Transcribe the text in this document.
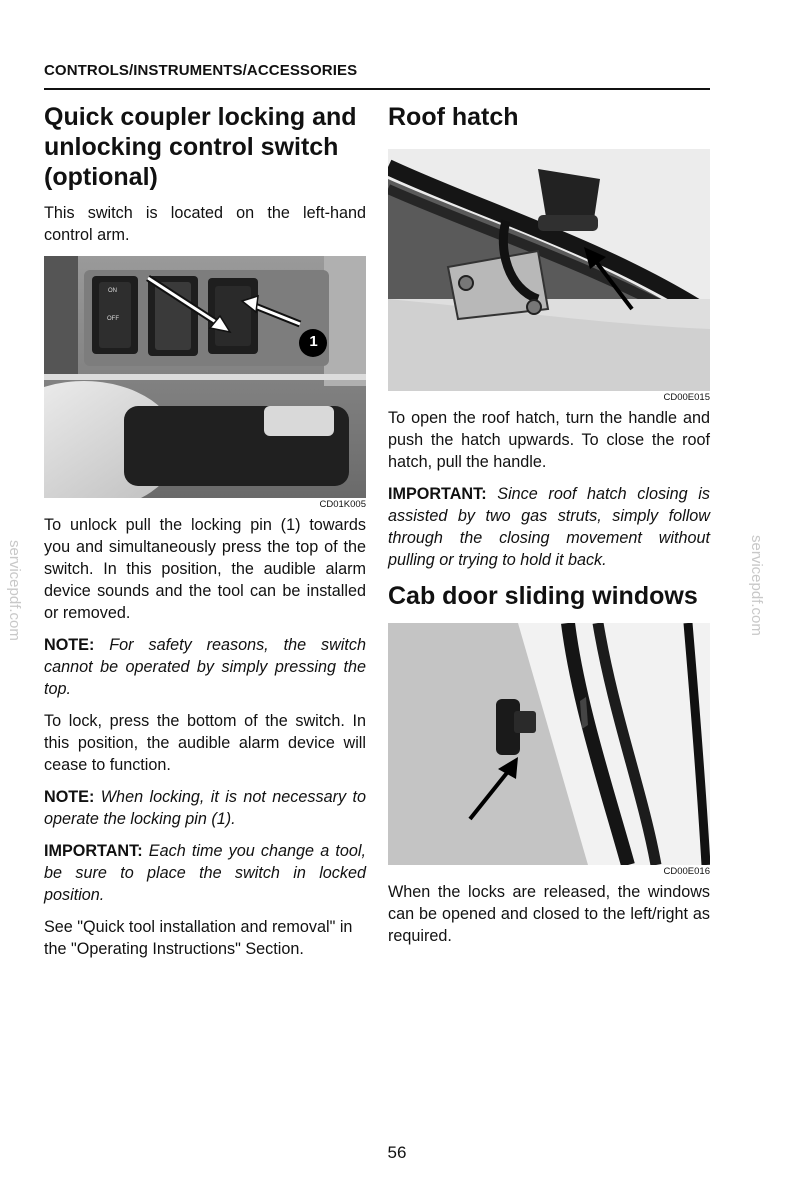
CONTROLS/INSTRUMENTS/ACCESSORIES
Quick coupler locking and
unlocking control switch
(optional)

This switch is located on the left-hand control arm.

ON
OFF
1
CD01K005

To unlock pull the locking pin (1) towards you and simultaneously press the top of the switch. In this position, the audible alarm device sounds and the tool can be installed or removed.

NOTE: For safety reasons, the switch cannot be operated by simply pressing the top.

To lock, press the bottom of the switch. In this position, the audible alarm device will cease to function.

NOTE: When locking, it is not necessary to operate the locking pin (1).

IMPORTANT: Each time you change a tool, be sure to place the switch in locked position.

See "Quick tool installation and removal" in the "Operating Instructions" Section.

Roof hatch
CD00E015

To open the roof hatch, turn the handle and push the hatch upwards. To close the roof hatch, pull the handle.

IMPORTANT: Since roof hatch closing is assisted by two gas struts, simply follow through the closing movement without pulling or trying to hold it back.

Cab door sliding windows
CD00E016

When the locks are released, the windows can be opened and closed to the left/right as required.

56
servicepdf.com	servicepdf.com
